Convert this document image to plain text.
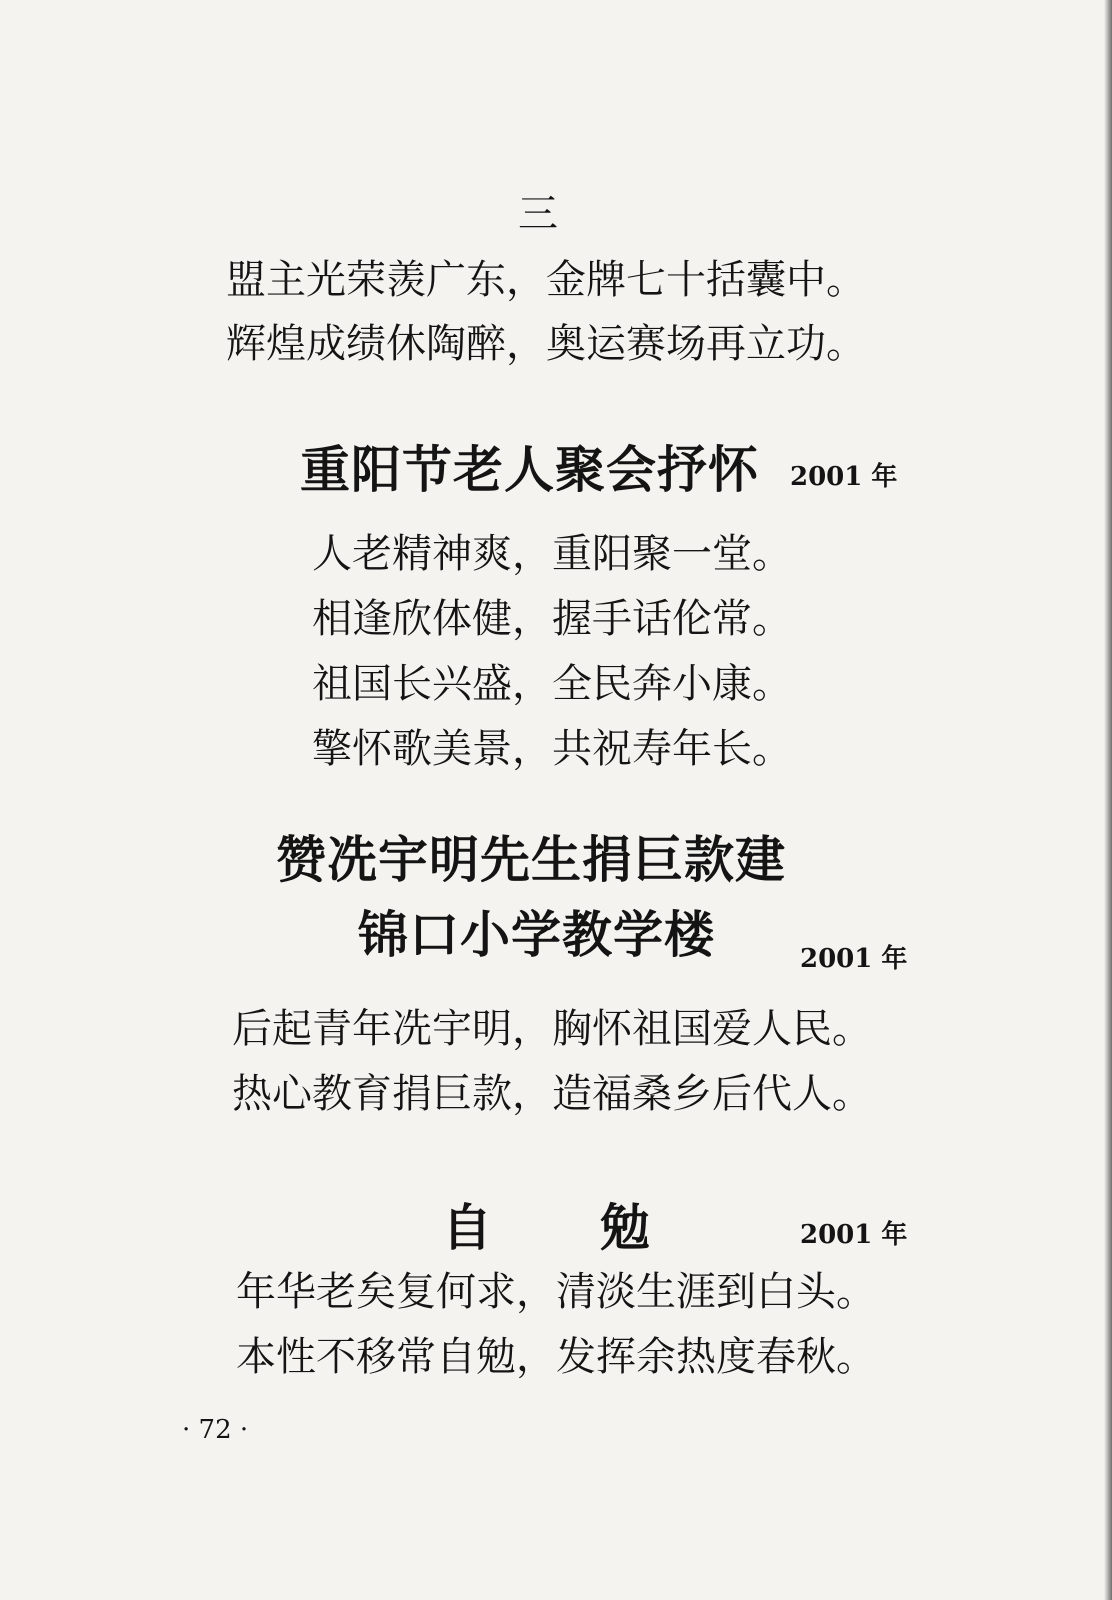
三
盟主光荣羡广东，金牌七十括囊中。
辉煌成绩休陶醉，奥运赛场再立功。
重阳节老人聚会抒怀 2001 年
人老精神爽，重阳聚一堂。
相逢欣体健，握手话伦常。
祖国长兴盛，全民奔小康。
擎怀歌美景，共祝寿年长。
赞冼宇明先生捐巨款建
锦口小学教学楼	2001 年
后起青年冼宇明，胸怀祖国爱人民。
热心教育捐巨款，造福桑乡后代人。
自 勉	2001 年
年华老矣复何求，清淡生涯到白头。
本性不移常自勉，发挥余热度春秋。
· 72 ·
